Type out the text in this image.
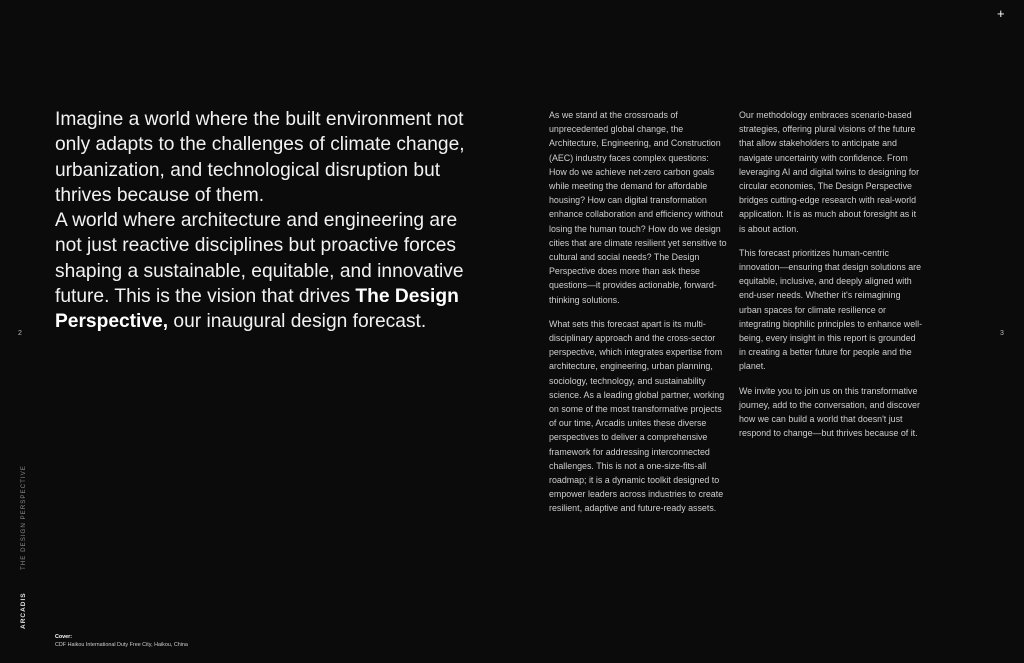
+

Imagine a world where the built environment not only adapts to the challenges of climate change, urbanization, and technological disruption but thrives because of them.
A world where architecture and engineering are not just reactive disciplines but proactive forces shaping a sustainable, equitable, and innovative future. This is the vision that drives The Design Perspective, our inaugural design forecast.

As we stand at the crossroads of unprecedented global change, the Architecture, Engineering, and Construction (AEC) industry faces complex questions: How do we achieve net-zero carbon goals while meeting the demand for affordable housing? How can digital transformation enhance collaboration and efficiency without losing the human touch? How do we design cities that are climate resilient yet sensitive to cultural and social needs? The Design Perspective does more than ask these questions—it provides actionable, forward-thinking solutions.

What sets this forecast apart is its multi-disciplinary approach and the cross-sector perspective, which integrates expertise from architecture, engineering, urban planning, sociology, technology, and sustainability science. As a leading global partner, working on some of the most transformative projects of our time, Arcadis unites these diverse perspectives to deliver a comprehensive framework for addressing interconnected challenges. This is not a one-size-fits-all roadmap; it is a dynamic toolkit designed to empower leaders across industries to create resilient, adaptive and future-ready assets.

Our methodology embraces scenario-based strategies, offering plural visions of the future that allow stakeholders to anticipate and navigate uncertainty with confidence. From leveraging AI and digital twins to designing for circular economies, The Design Perspective bridges cutting-edge research with real-world application. It is as much about foresight as it is about action.

This forecast prioritizes human-centric innovation—ensuring that design solutions are equitable, inclusive, and deeply aligned with end-user needs. Whether it's reimagining urban spaces for climate resilience or integrating biophilic principles to enhance well-being, every insight in this report is grounded in creating a better future for people and the planet.

We invite you to join us on this transformative journey, add to the conversation, and discover how we can build a world that doesn't just respond to change—but thrives because of it.

2	3
THE DESIGN PERSPECTIVE
ARCADIS
Cover:
CDF Haikou International Duty Free City, Haikou, China
